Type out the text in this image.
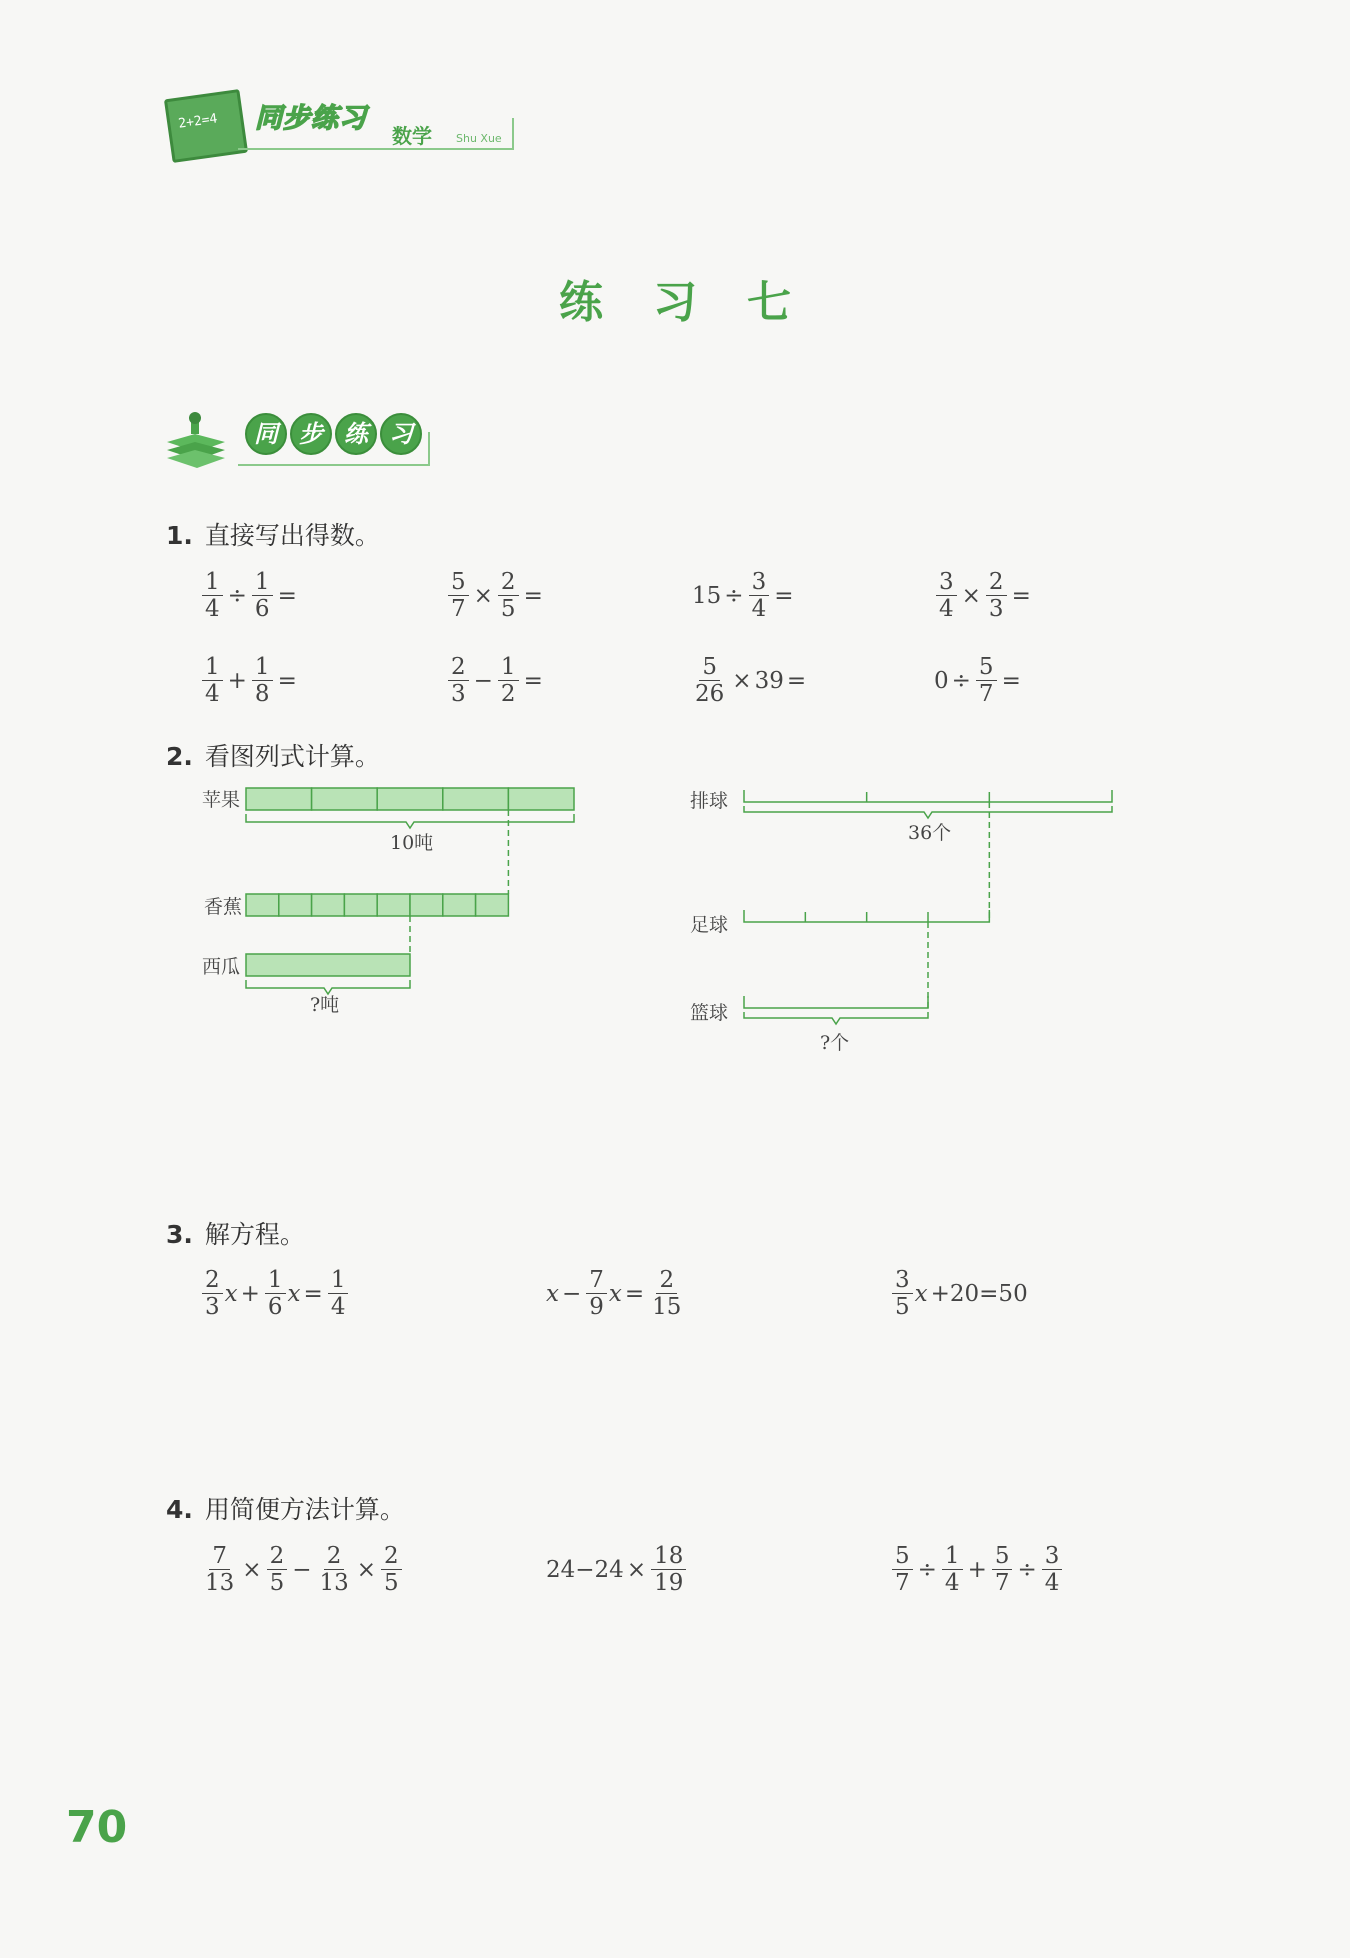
2+2=4 同步练习
数学 Shu Xue
练习七
同 步 练 习
1. 直接写出得数。
$\frac{1}{4} \div \frac{1}{6}$ =	$\frac{5}{7} \times \frac{2}{5}$ =	$15 \div \frac{3}{4}$ =	$\frac{3}{4} \times \frac{2}{3}$ =
$\frac{1}{4} + \frac{1}{8}$ =	$\frac{2}{3} - \frac{1}{2}$ =	$\frac{5}{26} \times 39$ =	$0 \div \frac{5}{7}$ =
2. 看图列式计算。
苹果
香蕉
西瓜
10吨
?吨
排球
足球
篮球
36个
?个
3. 解方程。
$\frac{2}{3}$ $x + \frac{1}{6}$ $x = \frac{1}{4}$	$x - \frac{7}{9}$ $x = \frac{2}{15}$	$\frac{3}{5}$ x +20=50
4. 用简便方法计算。
$\frac{7}{13} \times \frac{2}{5} - \frac{2}{13} \times \frac{2}{5}$	$24-24 \times \frac{18}{19}$	$\frac{5}{7} \div \frac{1}{4} + \frac{5}{7} \div \frac{3}{4}$
70
